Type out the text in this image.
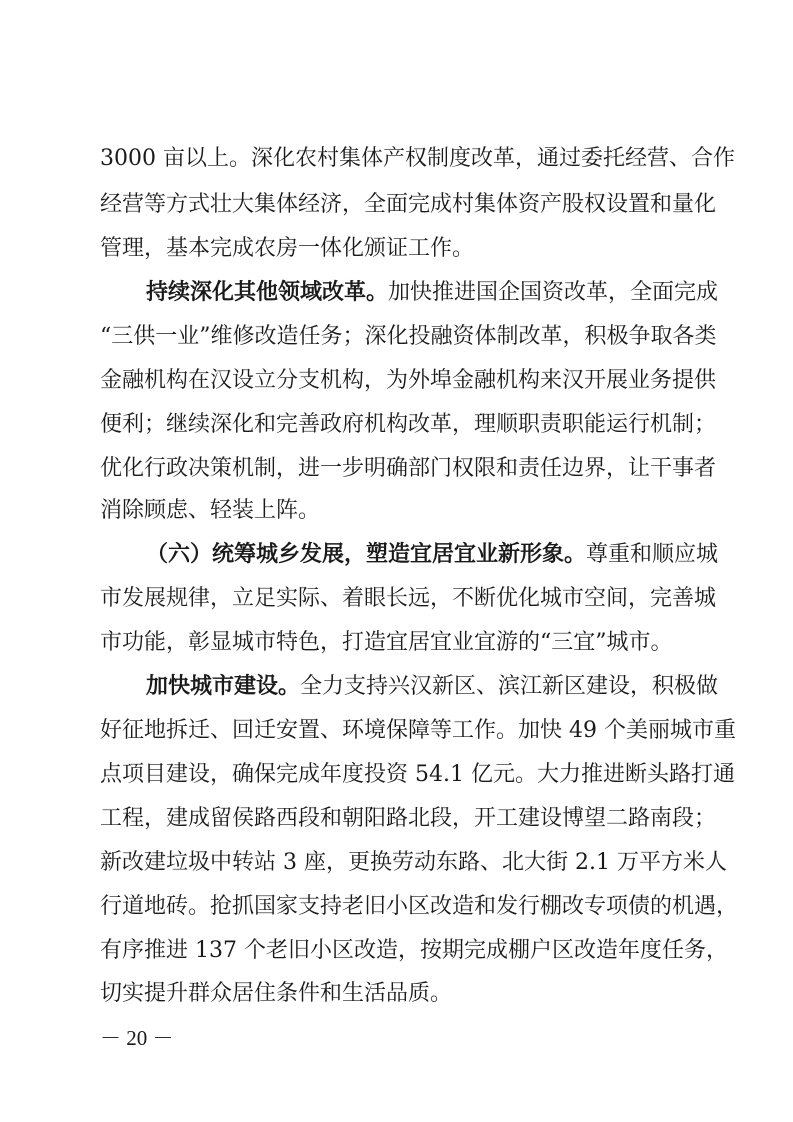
3000 亩以上。深化农村集体产权制度改革，通过委托经营、合作
经营等方式壮大集体经济，全面完成村集体资产股权设置和量化
管理，基本完成农房一体化颁证工作。
持续深化其他领域改革。加快推进国企国资改革，全面完成
“三供一业”维修改造任务；深化投融资体制改革，积极争取各类
金融机构在汉设立分支机构，为外埠金融机构来汉开展业务提供
便利；继续深化和完善政府机构改革，理顺职责职能运行机制；
优化行政决策机制，进一步明确部门权限和责任边界，让干事者
消除顾虑、轻装上阵。
（六）统筹城乡发展，塑造宜居宜业新形象。尊重和顺应城
市发展规律，立足实际、着眼长远，不断优化城市空间，完善城
市功能，彰显城市特色，打造宜居宜业宜游的“三宜”城市。
加快城市建设。全力支持兴汉新区、滨江新区建设，积极做
好征地拆迁、回迁安置、环境保障等工作。加快 49 个美丽城市重
点项目建设，确保完成年度投资 54.1 亿元。大力推进断头路打通
工程，建成留侯路西段和朝阳路北段，开工建设博望二路南段；
新改建垃圾中转站 3 座，更换劳动东路、北大街 2.1 万平方米人
行道地砖。抢抓国家支持老旧小区改造和发行棚改专项债的机遇，
有序推进 137 个老旧小区改造，按期完成棚户区改造年度任务，
切实提升群众居住条件和生活品质。
－ 20 －
